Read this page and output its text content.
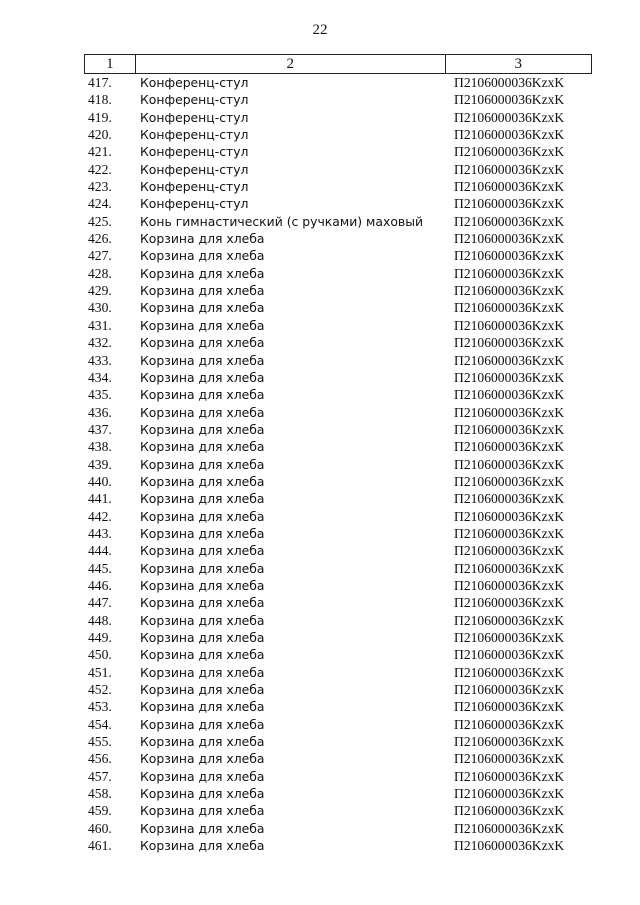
22
1	2	3
417.	Конференц-стул	П2106000036KzxK
418.	Конференц-стул	П2106000036KzxK
419.	Конференц-стул	П2106000036KzxK
420.	Конференц-стул	П2106000036KzxK
421.	Конференц-стул	П2106000036KzxK
422.	Конференц-стул	П2106000036KzxK
423.	Конференц-стул	П2106000036KzxK
424.	Конференц-стул	П2106000036KzxK
425.	Конь гимнастический (с ручками) маховый	П2106000036KzxK
426.	Корзина для хлеба	П2106000036KzxK
427.	Корзина для хлеба	П2106000036KzxK
428.	Корзина для хлеба	П2106000036KzxK
429.	Корзина для хлеба	П2106000036KzxK
430.	Корзина для хлеба	П2106000036KzxK
431.	Корзина для хлеба	П2106000036KzxK
432.	Корзина для хлеба	П2106000036KzxK
433.	Корзина для хлеба	П2106000036KzxK
434.	Корзина для хлеба	П2106000036KzxK
435.	Корзина для хлеба	П2106000036KzxK
436.	Корзина для хлеба	П2106000036KzxK
437.	Корзина для хлеба	П2106000036KzxK
438.	Корзина для хлеба	П2106000036KzxK
439.	Корзина для хлеба	П2106000036KzxK
440.	Корзина для хлеба	П2106000036KzxK
441.	Корзина для хлеба	П2106000036KzxK
442.	Корзина для хлеба	П2106000036KzxK
443.	Корзина для хлеба	П2106000036KzxK
444.	Корзина для хлеба	П2106000036KzxK
445.	Корзина для хлеба	П2106000036KzxK
446.	Корзина для хлеба	П2106000036KzxK
447.	Корзина для хлеба	П2106000036KzxK
448.	Корзина для хлеба	П2106000036KzxK
449.	Корзина для хлеба	П2106000036KzxK
450.	Корзина для хлеба	П2106000036KzxK
451.	Корзина для хлеба	П2106000036KzxK
452.	Корзина для хлеба	П2106000036KzxK
453.	Корзина для хлеба	П2106000036KzxK
454.	Корзина для хлеба	П2106000036KzxK
455.	Корзина для хлеба	П2106000036KzxK
456.	Корзина для хлеба	П2106000036KzxK
457.	Корзина для хлеба	П2106000036KzxK
458.	Корзина для хлеба	П2106000036KzxK
459.	Корзина для хлеба	П2106000036KzxK
460.	Корзина для хлеба	П2106000036KzxK
461.	Корзина для хлеба	П2106000036KzxK
